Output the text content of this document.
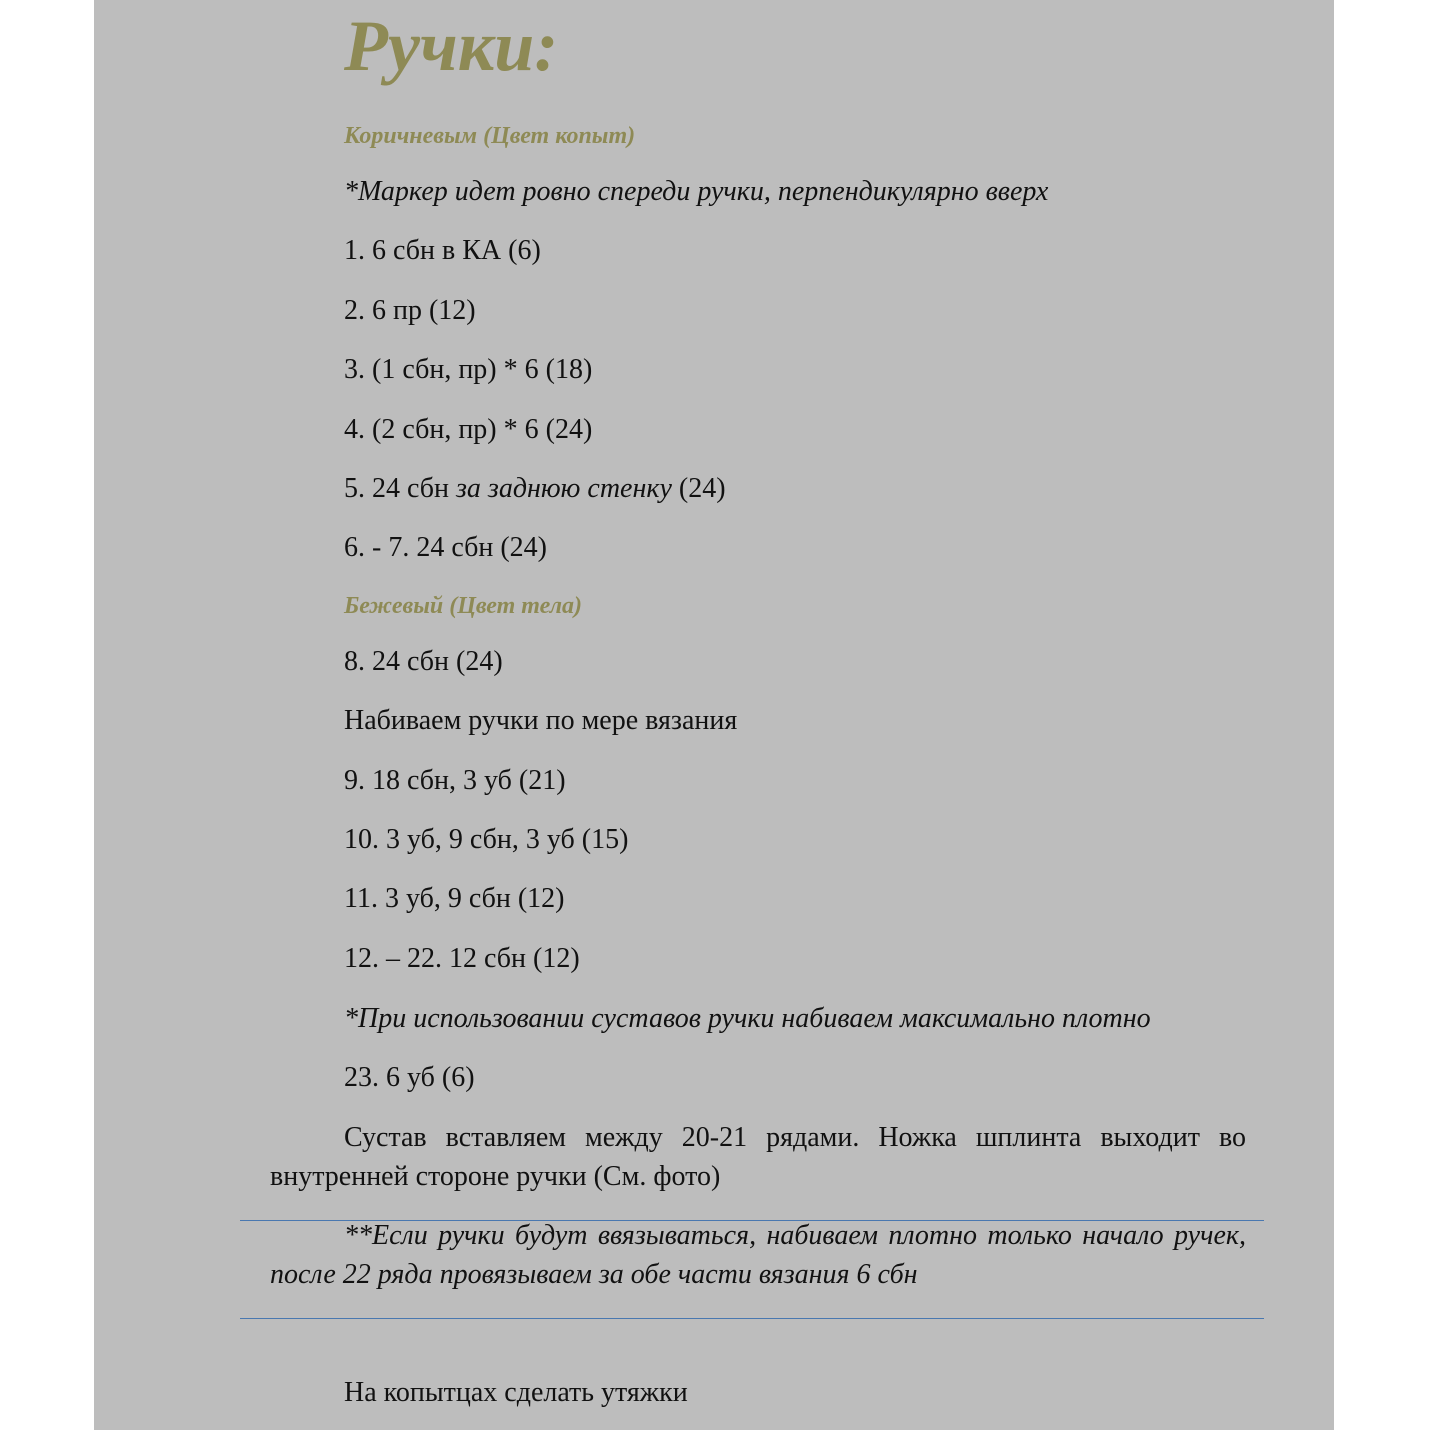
Ручки:
Коричневым (Цвет копыт)
*Маркер идет ровно спереди ручки, перпендикулярно вверх
1. 6 сбн в КА (6)
2. 6 пр (12)
3. (1 сбн, пр) * 6 (18)
4. (2 сбн, пр) * 6 (24)
5. 24 сбн за заднюю стенку (24)
6. - 7. 24 сбн (24)
Бежевый (Цвет тела)
8. 24 сбн (24)
Набиваем ручки по мере вязания
9. 18 сбн, 3 уб (21)
10. 3 уб, 9 сбн, 3 уб (15)
11. 3 уб, 9 сбн (12)
12. – 22. 12 сбн (12)
*При использовании суставов ручки набиваем максимально плотно
23. 6 уб (6)
Сустав вставляем между 20-21 рядами. Ножка шплинта выходит во внутренней стороне ручки (См. фото)
**Если ручки будут ввязываться, набиваем плотно только начало ручек, после 22 ряда провязываем за обе части вязания 6 сбн
На копытцах сделать утяжки
